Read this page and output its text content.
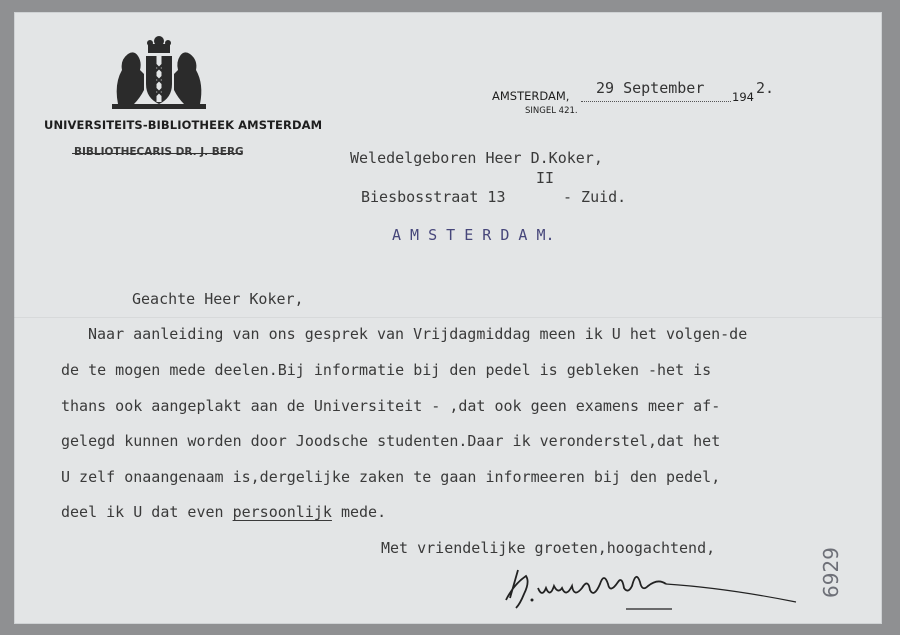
UNIVERSITEITS-BIBLIOTHEEK AMSTERDAM
BIBLIOTHECARIS DR. J. BERG
AMSTERDAM,
SINGEL 421.
29 September 194 2.
Weledelgeboren Heer D.Koker,
II
Biesbosstraat 13	- Zuid.
A M S T E R D A M.
Geachte Heer Koker,
Naar aanleiding van ons gesprek van Vrijdagmiddag meen ik U het volgen-de
de te mogen mede deelen.Bij informatie bij den pedel is gebleken -het is
thans ook aangeplakt aan de Universiteit - ,dat ook geen examens meer af-
gelegd kunnen worden door Joodsche studenten.Daar ik veronderstel,dat het
U zelf onaangenaam is,dergelijke zaken te gaan informeeren bij den pedel,
deel ik U dat even persoonlijk mede.
Met vriendelijke groeten,hoogachtend,	6929
